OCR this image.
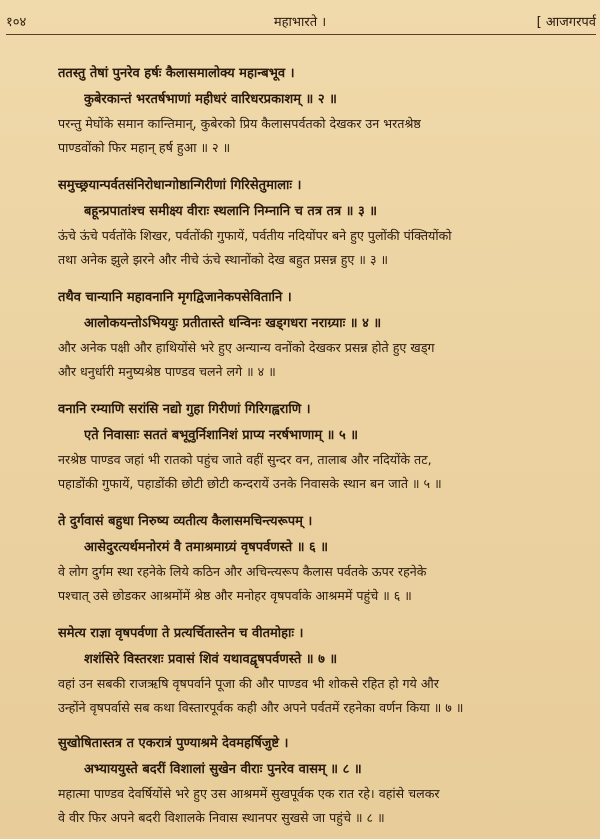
१०४	महाभारते ।	[ आजगरपर्व
ततस्तु तेषां पुनरेव हर्षः कैलासमालोक्य महान्बभूव ।
कुबेरकान्तं भरतर्षभाणां महीधरं वारिधरप्रकाशम् ॥ २ ॥
परन्तु मेघोंके समान कान्तिमान्, कुबेरको प्रिय कैलासपर्वतको देखकर उन भरतश्रेष्ठ
पाण्डवोंको फिर महान् हर्ष हुआ ॥ २ ॥
समुच्छ्रयान्पर्वतसंनिरोधान्गोष्ठान्गिरीणां गिरिसेतुमालाः ।
बहून्प्रपातांश्च समीक्ष्य वीराः स्थलानि निम्नानि च तत्र तत्र ॥ ३ ॥
ऊंचे ऊंचे पर्वतोंके शिखर, पर्वतोंकी गुफायें, पर्वतीय नदियोंपर बने हुए पुलोंकी पंक्तियोंको
तथा अनेक झुले झरने और नीचे ऊंचे स्थानोंको देख बहुत प्रसन्न हुए ॥ ३ ॥
तथैव चान्यानि महावनानि मृगद्विजानेकपसेवितानि ।
आलोकयन्तोऽभिययुः प्रतीतास्ते धन्विनः खड्गधरा नराग्र्याः ॥ ४ ॥
और अनेक पक्षी और हाथियोंसे भरे हुए अन्यान्य वनोंको देखकर प्रसन्न होते हुए खड्ग
और धनुर्धारी मनुष्यश्रेष्ठ पाण्डव चलने लगे ॥ ४ ॥
वनानि रम्याणि सरांसि नद्यो गुहा गिरीणां गिरिगह्वराणि ।
एते निवासाः सततं बभूवुर्निशानिशं प्राप्य नरर्षभाणाम् ॥ ५ ॥
नरश्रेष्ठ पाण्डव जहां भी रातको पहुंच जाते वहीं सुन्दर वन, तालाब और नदियोंके तट,
पहाडोंकी गुफायें, पहाडोंकी छोटी छोटी कन्दरायें उनके निवासके स्थान बन जाते ॥ ५ ॥
ते दुर्गवासं बहुधा निरुष्य व्यतीत्य कैलासमचिन्त्यरूपम् ।
आसेदुरत्यर्थमनोरमं वै तमाश्रमाग्र्यं वृषपर्वणस्ते ॥ ६ ॥
वे लोग दुर्गम स्था रहनेके लिये कठिन और अचिन्त्यरूप कैलास पर्वतके ऊपर रहनेके
पश्चात् उसे छोडकर आश्रमोंमें श्रेष्ठ और मनोहर वृषपर्वाके आश्रममें पहुंचे ॥ ६ ॥
समेत्य राज्ञा वृषपर्वणा ते प्रत्यर्चितास्तेन च वीतमोहाः ।
शशंसिरे विस्तरशः प्रवासं शिवं यथावद्वृषपर्वणस्ते ॥ ७ ॥
वहां उन सबकी राजऋषि वृषपर्वाने पूजा की और पाण्डव भी शोकसे रहित हो गये और
उन्होंने वृषपर्वासे सब कथा विस्तारपूर्वक कही और अपने पर्वतमें रहनेका वर्णन किया ॥ ७ ॥
सुखोषितास्तत्र त एकरात्रं पुण्याश्रमे देवमहर्षिजुष्टे ।
अभ्याययुस्ते बदरीं विशालां सुखेन वीराः पुनरेव वासम् ॥ ८ ॥
महात्मा पाण्डव देवर्षियोंसे भरे हुए उस आश्रममें सुखपूर्वक एक रात रहे। वहांसे चलकर
वे वीर फिर अपने बदरी विशालके निवास स्थानपर सुखसे जा पहुंचे ॥ ८ ॥
